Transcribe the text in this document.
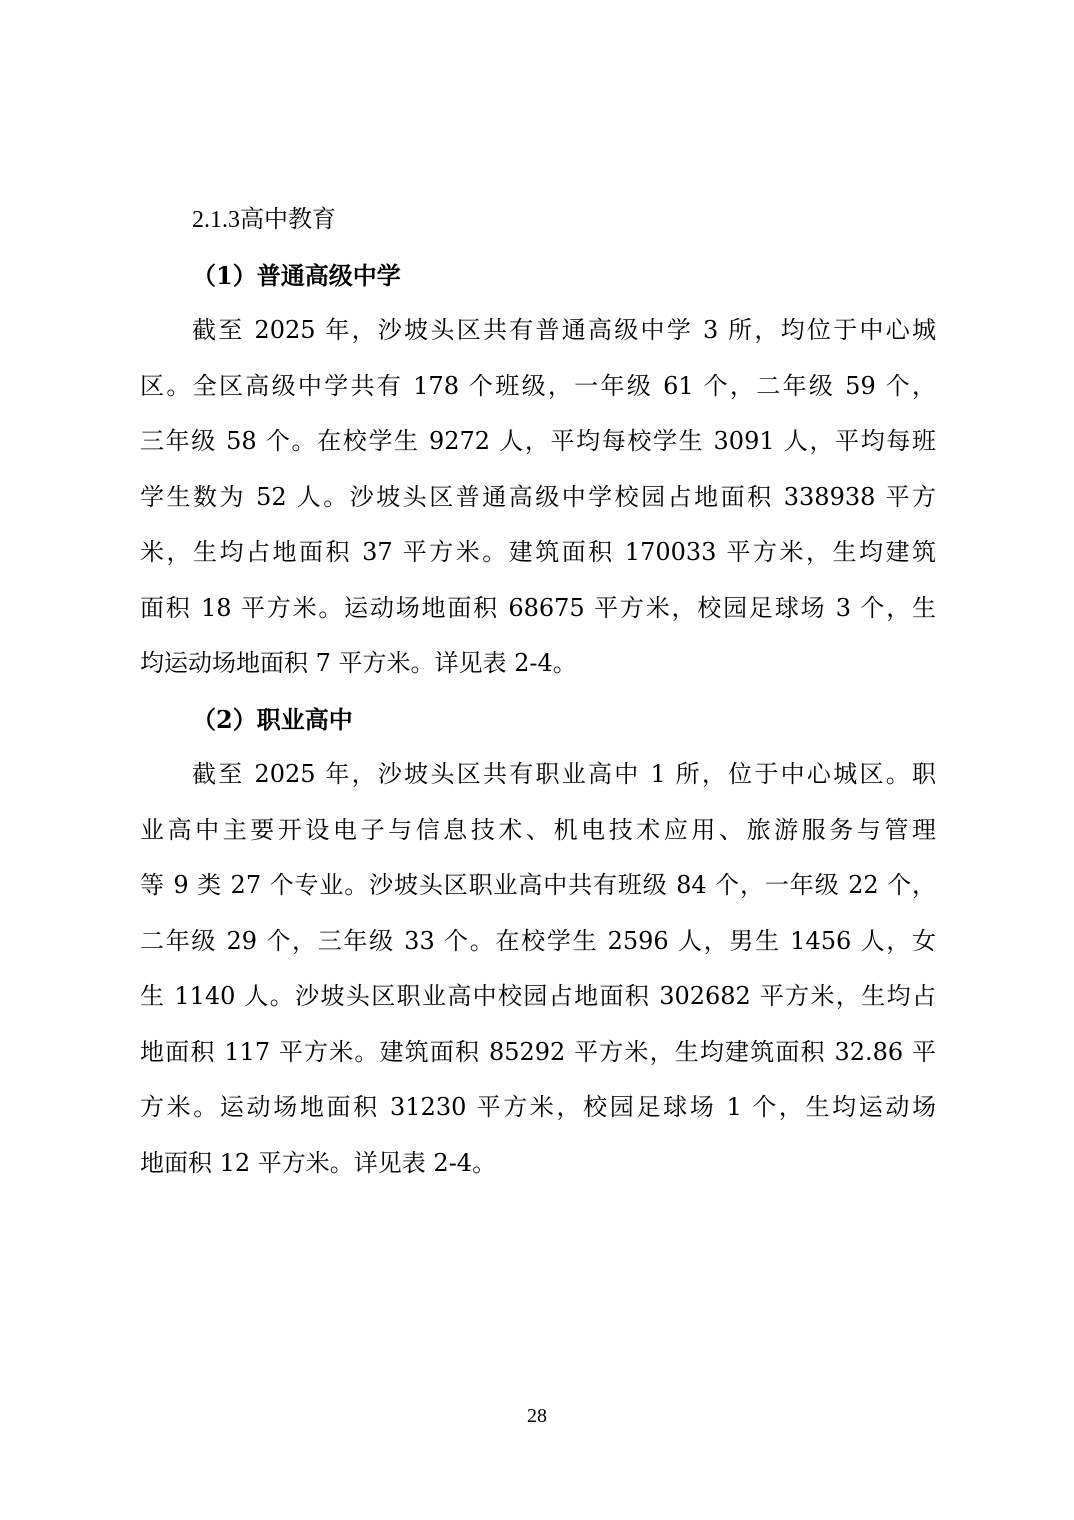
2.1.3高中教育
（1）普通高级中学
截至 2025 年，沙坡头区共有普通高级中学 3 所，均位于中心城
区。全区高级中学共有 178 个班级，一年级 61 个，二年级 59 个，
三年级 58 个。在校学生 9272 人，平均每校学生 3091 人，平均每班
学生数为 52 人。沙坡头区普通高级中学校园占地面积 338938 平方
米，生均占地面积 37 平方米。建筑面积 170033 平方米，生均建筑
面积 18 平方米。运动场地面积 68675 平方米，校园足球场 3 个，生
均运动场地面积 7 平方米。详见表 2-4。
（2）职业高中
截至 2025 年，沙坡头区共有职业高中 1 所，位于中心城区。职
业高中主要开设电子与信息技术、机电技术应用、旅游服务与管理
等 9 类 27 个专业。沙坡头区职业高中共有班级 84 个，一年级 22 个，
二年级 29 个，三年级 33 个。在校学生 2596 人，男生 1456 人，女
生 1140 人。沙坡头区职业高中校园占地面积 302682 平方米，生均占
地面积 117 平方米。建筑面积 85292 平方米，生均建筑面积 32.86 平
方米。运动场地面积 31230 平方米，校园足球场 1 个，生均运动场
地面积 12 平方米。详见表 2-4。
28
